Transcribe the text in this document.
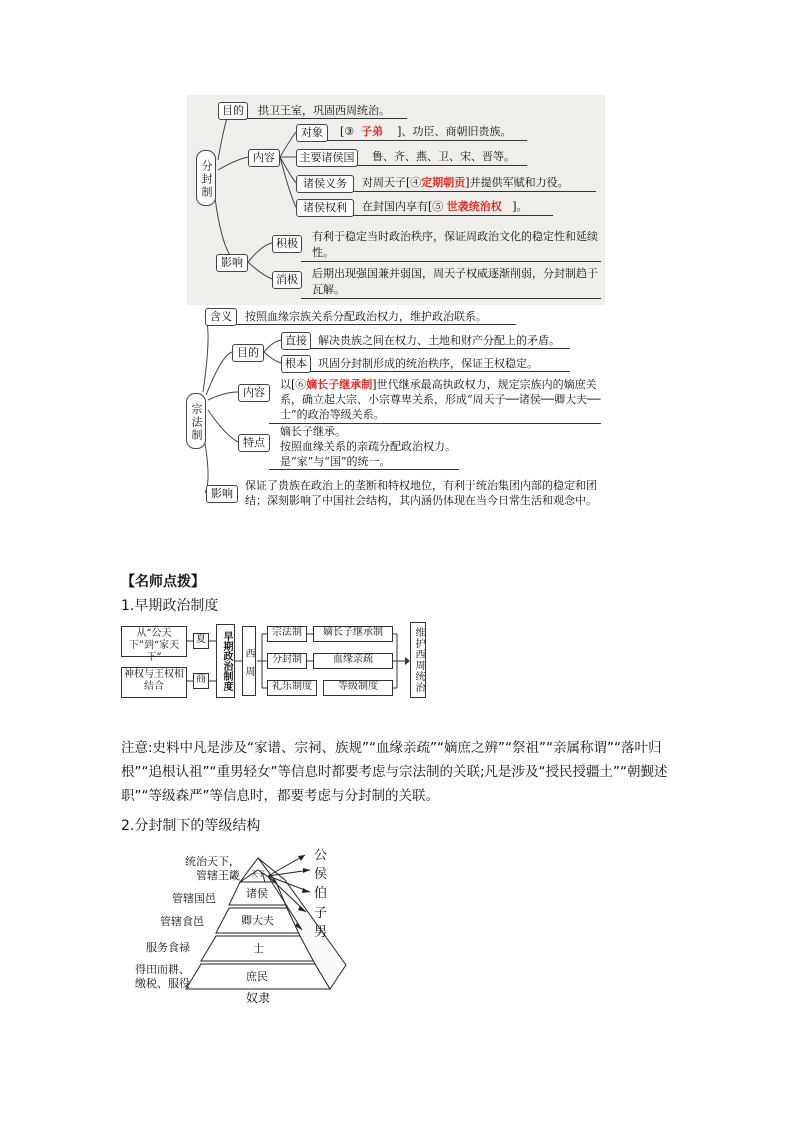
分封制
目的	拱卫王室，巩固西周统治。
内容
对象	[③ 子弟 ]、功臣、商朝旧贵族。
主要诸侯国	鲁、齐、燕、卫、宋、晋等。
诸侯义务	对周天子[④定期朝贡]并提供军赋和力役。
诸侯权利	在封国内享有[⑤ 世袭统治权 ]。
影响
积极
有利于稳定当时政治秩序，保证周政治文化的稳定性和延续性。
消极	后期出现强国兼并弱国，周天子权威逐渐削弱，分封制趋于瓦解。
宗法制
含义	按照血缘宗族关系分配政治权力，维护政治联系。
目的
直接	解决贵族之间在权力、土地和财产分配上的矛盾。
根本	巩固分封制形成的统治秩序，保证王权稳定。
内容
以[⑥嫡长子继承制]世代继承最高执政权力，规定宗族内的嫡庶关系，确立起大宗、小宗尊卑关系，形成“周天子──诸侯──卿大夫──士”的政治等级关系。
特点
嫡长子继承。
按照血缘关系的亲疏分配政治权力。
是“家”与“国”的统一。
影响
保证了贵族在政治上的垄断和特权地位，有利于统治集团内部的稳定和团结；深刻影响了中国社会结构，其内涵仍体现在当今日常生活和观念中。
【名师点拨】
1.早期政治制度
从“公天下”到“家天下”
夏
神权与王权相结合
商	早期政治制度	西周
宗法制	嫡长子继承制
分封制	血缘亲疏
礼乐制度	等级制度	维护西周统治
注意:史料中凡是涉及“家谱、宗祠、族规”“血缘亲疏”“嫡庶之辨”“祭祖”“亲属称谓”“落叶归根”“追根认祖”“重男轻女”等信息时都要考虑与宗法制的关联;凡是涉及“授民授疆土”“朝觐述职”“等级森严”等信息时，都要考虑与分封制的关联。
2.分封制下的等级结构
统治天下，管辖王畿
管辖国邑
管辖食邑
服务食禄
得田而耕、缴税、服役
天子
诸侯
卿大夫
士
庶民
奴隶
公
侯
伯
子
男
